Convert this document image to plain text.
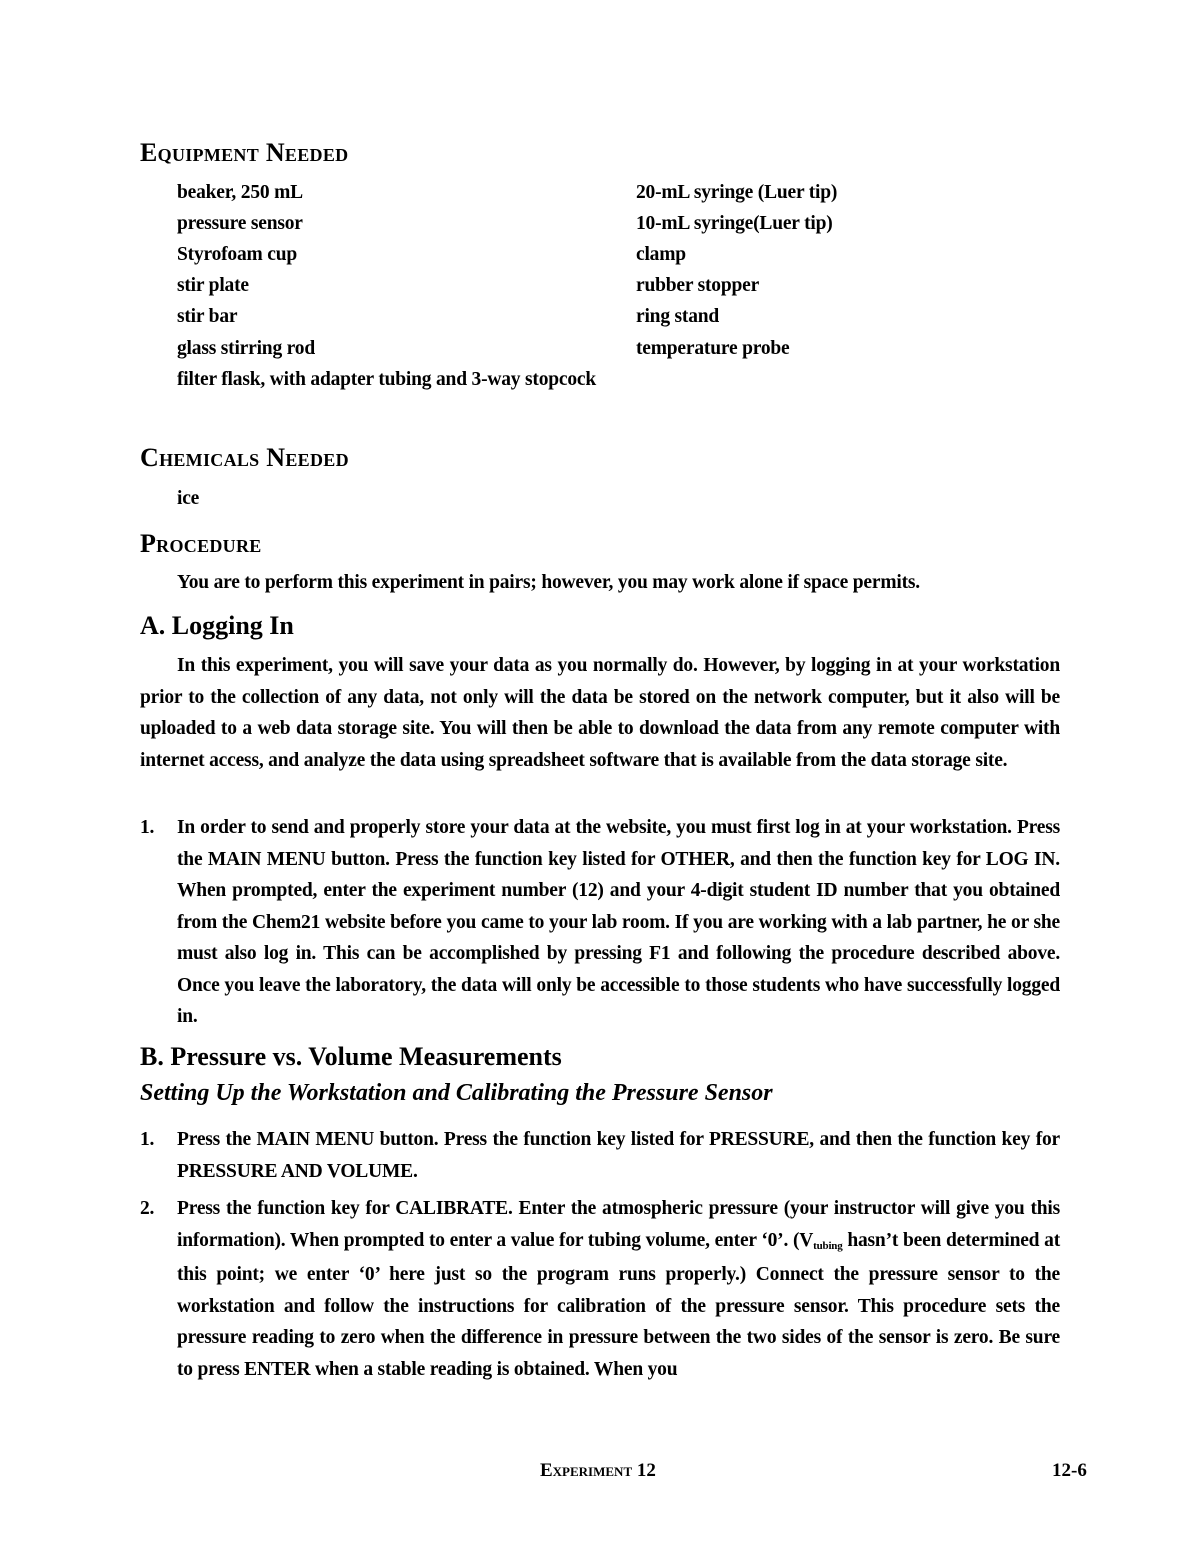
Equipment Needed
beaker, 250 mL
pressure sensor
Styrofoam cup
stir plate
stir bar
glass stirring rod
filter flask, with adapter tubing and 3-way stopcock
20-mL syringe (Luer tip)
10-mL syringe(Luer tip)
clamp
rubber stopper
ring stand
temperature probe
Chemicals Needed
ice
Procedure
You are to perform this experiment in pairs; however, you may work alone if space permits.
A. Logging In
In this experiment, you will save your data as you normally do. However, by logging in at your workstation prior to the collection of any data, not only will the data be stored on the network computer, but it also will be uploaded to a web data storage site. You will then be able to download the data from any remote computer with internet access, and analyze the data using spreadsheet software that is available from the data storage site.
1.	In order to send and properly store your data at the website, you must first log in at your workstation. Press the MAIN MENU button. Press the function key listed for OTHER, and then the function key for LOG IN. When prompted, enter the experiment number (12) and your 4-digit student ID number that you obtained from the Chem21 website before you came to your lab room. If you are working with a lab partner, he or she must also log in. This can be accomplished by pressing F1 and following the procedure described above. Once you leave the laboratory, the data will only be accessible to those students who have successfully logged in.
B. Pressure vs. Volume Measurements
Setting Up the Workstation and Calibrating the Pressure Sensor
1.	Press the MAIN MENU button. Press the function key listed for PRESSURE, and then the function key for PRESSURE AND VOLUME.
2.	Press the function key for CALIBRATE. Enter the atmospheric pressure (your instructor will give you this information). When prompted to enter a value for tubing volume, enter ‘0’. ($V_{tubing}$ hasn’t been determined at this point; we enter ‘0’ here just so the program runs properly.) Connect the pressure sensor to the workstation and follow the instructions for calibration of the pressure sensor. This procedure sets the pressure reading to zero when the difference in pressure between the two sides of the sensor is zero. Be sure to press ENTER when a stable reading is obtained. When you
Experiment 12	12-6
